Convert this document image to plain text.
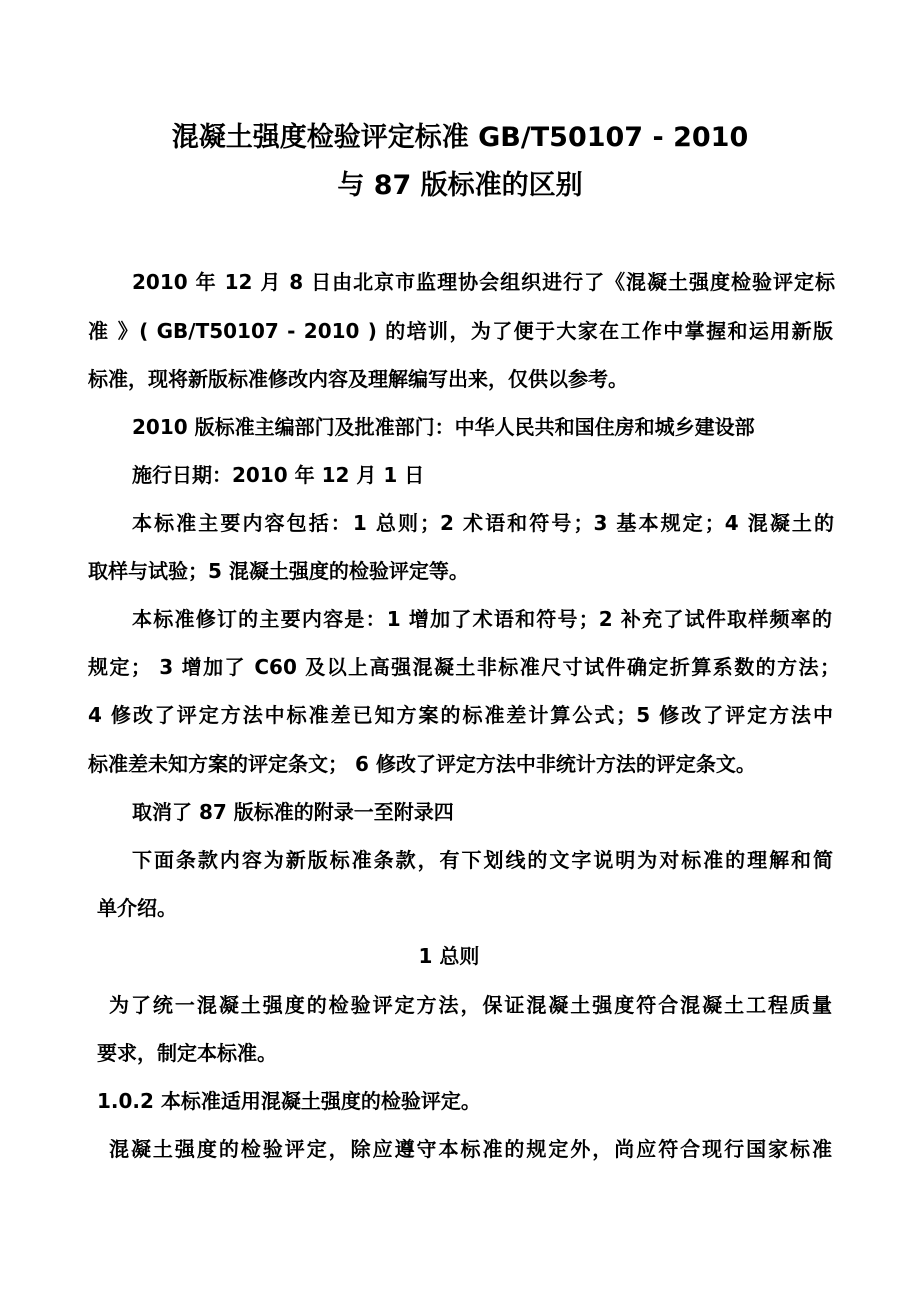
混凝土强度检验评定标准 GB/T50107 - 2010
与 87 版标准的区别
2010 年 12 月 8 日由北京市监理协会组织进行了《混凝土强度检验评定标
准 》( GB/T50107 - 2010 ) 的培训，为了便于大家在工作中掌握和运用新版
标准，现将新版标准修改内容及理解编写出来，仅供以参考。
2010 版标准主编部门及批准部门：中华人民共和国住房和城乡建设部
施行日期：2010 年 12 月 1 日
本标准主要内容包括：1 总则；2 术语和符号；3 基本规定；4 混凝土的
取样与试验；5 混凝土强度的检验评定等。
本标准修订的主要内容是：1 增加了术语和符号；2 补充了试件取样频率的
规定； 3 增加了 C60 及以上高强混凝土非标准尺寸试件确定折算系数的方法；
4 修改了评定方法中标准差已知方案的标准差计算公式；5 修改了评定方法中
标准差未知方案的评定条文； 6 修改了评定方法中非统计方法的评定条文。
取消了 87 版标准的附录一至附录四
下面条款内容为新版标准条款，有下划线的文字说明为对标准的理解和简
单介绍。
1 总则
为了统一混凝土强度的检验评定方法，保证混凝土强度符合混凝土工程质量
要求，制定本标准。
1.0.2 本标准适用混凝土强度的检验评定。
混凝土强度的检验评定，除应遵守本标准的规定外，尚应符合现行国家标准
